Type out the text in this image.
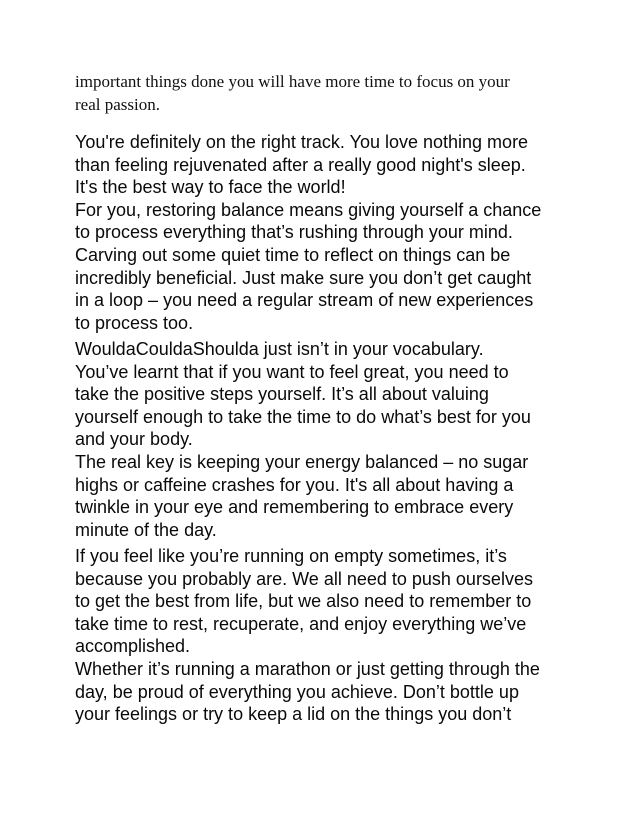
important things done you will have more time to focus on your
real passion.

You're definitely on the right track. You love nothing more
than feeling rejuvenated after a really good night's sleep.
It's the best way to face the world!
For you, restoring balance means giving yourself a chance
to process everything that’s rushing through your mind.
Carving out some quiet time to reflect on things can be
incredibly beneficial. Just make sure you don’t get caught
in a loop – you need a regular stream of new experiences
to process too.

WouldaCouldaShoulda just isn’t in your vocabulary.
You’ve learnt that if you want to feel great, you need to
take the positive steps yourself. It’s all about valuing
yourself enough to take the time to do what’s best for you
and your body.
The real key is keeping your energy balanced – no sugar
highs or caffeine crashes for you. It's all about having a
twinkle in your eye and remembering to embrace every
minute of the day.

If you feel like you’re running on empty sometimes, it’s
because you probably are. We all need to push ourselves
to get the best from life, but we also need to remember to
take time to rest, recuperate, and enjoy everything we’ve
accomplished.
Whether it’s running a marathon or just getting through the
day, be proud of everything you achieve. Don’t bottle up
your feelings or try to keep a lid on the things you don’t
